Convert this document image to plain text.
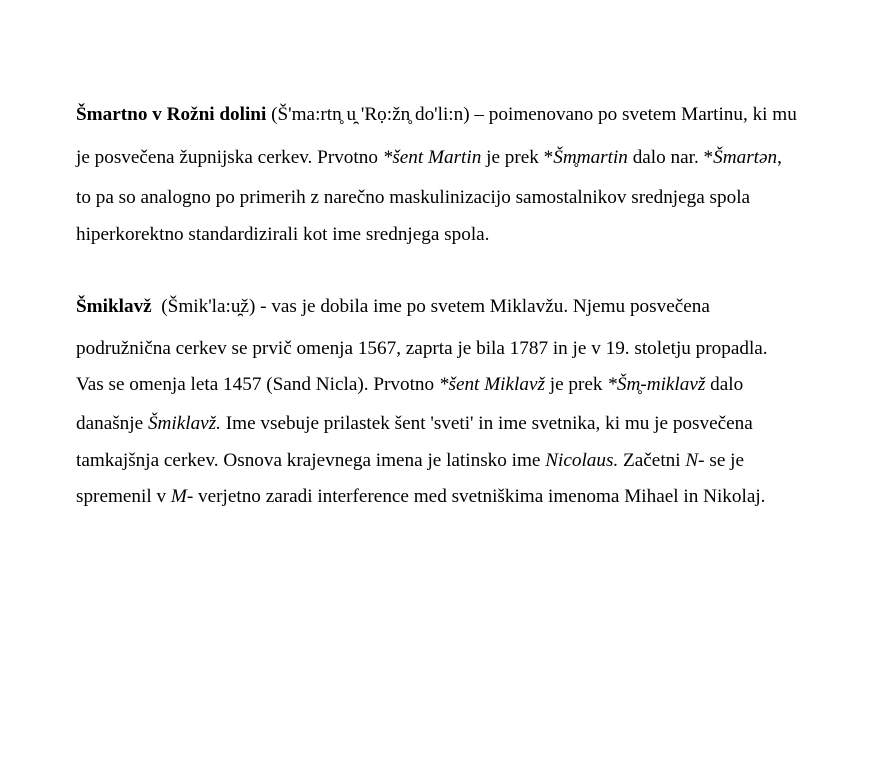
Šmartno v Rožni dolini (Š'ma:rtn̥ u̯ 'Rọ:žn̥ do'li:n) – poimenovano po svetem Martinu, ki mu
je posvečena župnijska cerkev. Prvotno *šent Martin je prek *Šm̥martin dalo nar. *Šmartən,
to pa so analogno po primerih z narečno maskulinizacijo samostalnikov srednjega spola
hiperkorektno standardizirali kot ime srednjega spola.
Šmiklavž  (Šmik'la:u̯ž) - vas je dobila ime po svetem Miklavžu. Njemu posvečena
podružnična cerkev se prvič omenja 1567, zaprta je bila 1787 in je v 19. stoletju propadla.
Vas se omenja leta 1457 (Sand Nicla). Prvotno *šent Miklavž je prek *Šm̥-miklavž dalo
današnje Šmiklavž. Ime vsebuje prilastek šent 'sveti' in ime svetnika, ki mu je posvečena
tamkajšnja cerkev. Osnova krajevnega imena je latinsko ime Nicolaus. Začetni N- se je
spremenil v M- verjetno zaradi interference med svetniškima imenoma Mihael in Nikolaj.
